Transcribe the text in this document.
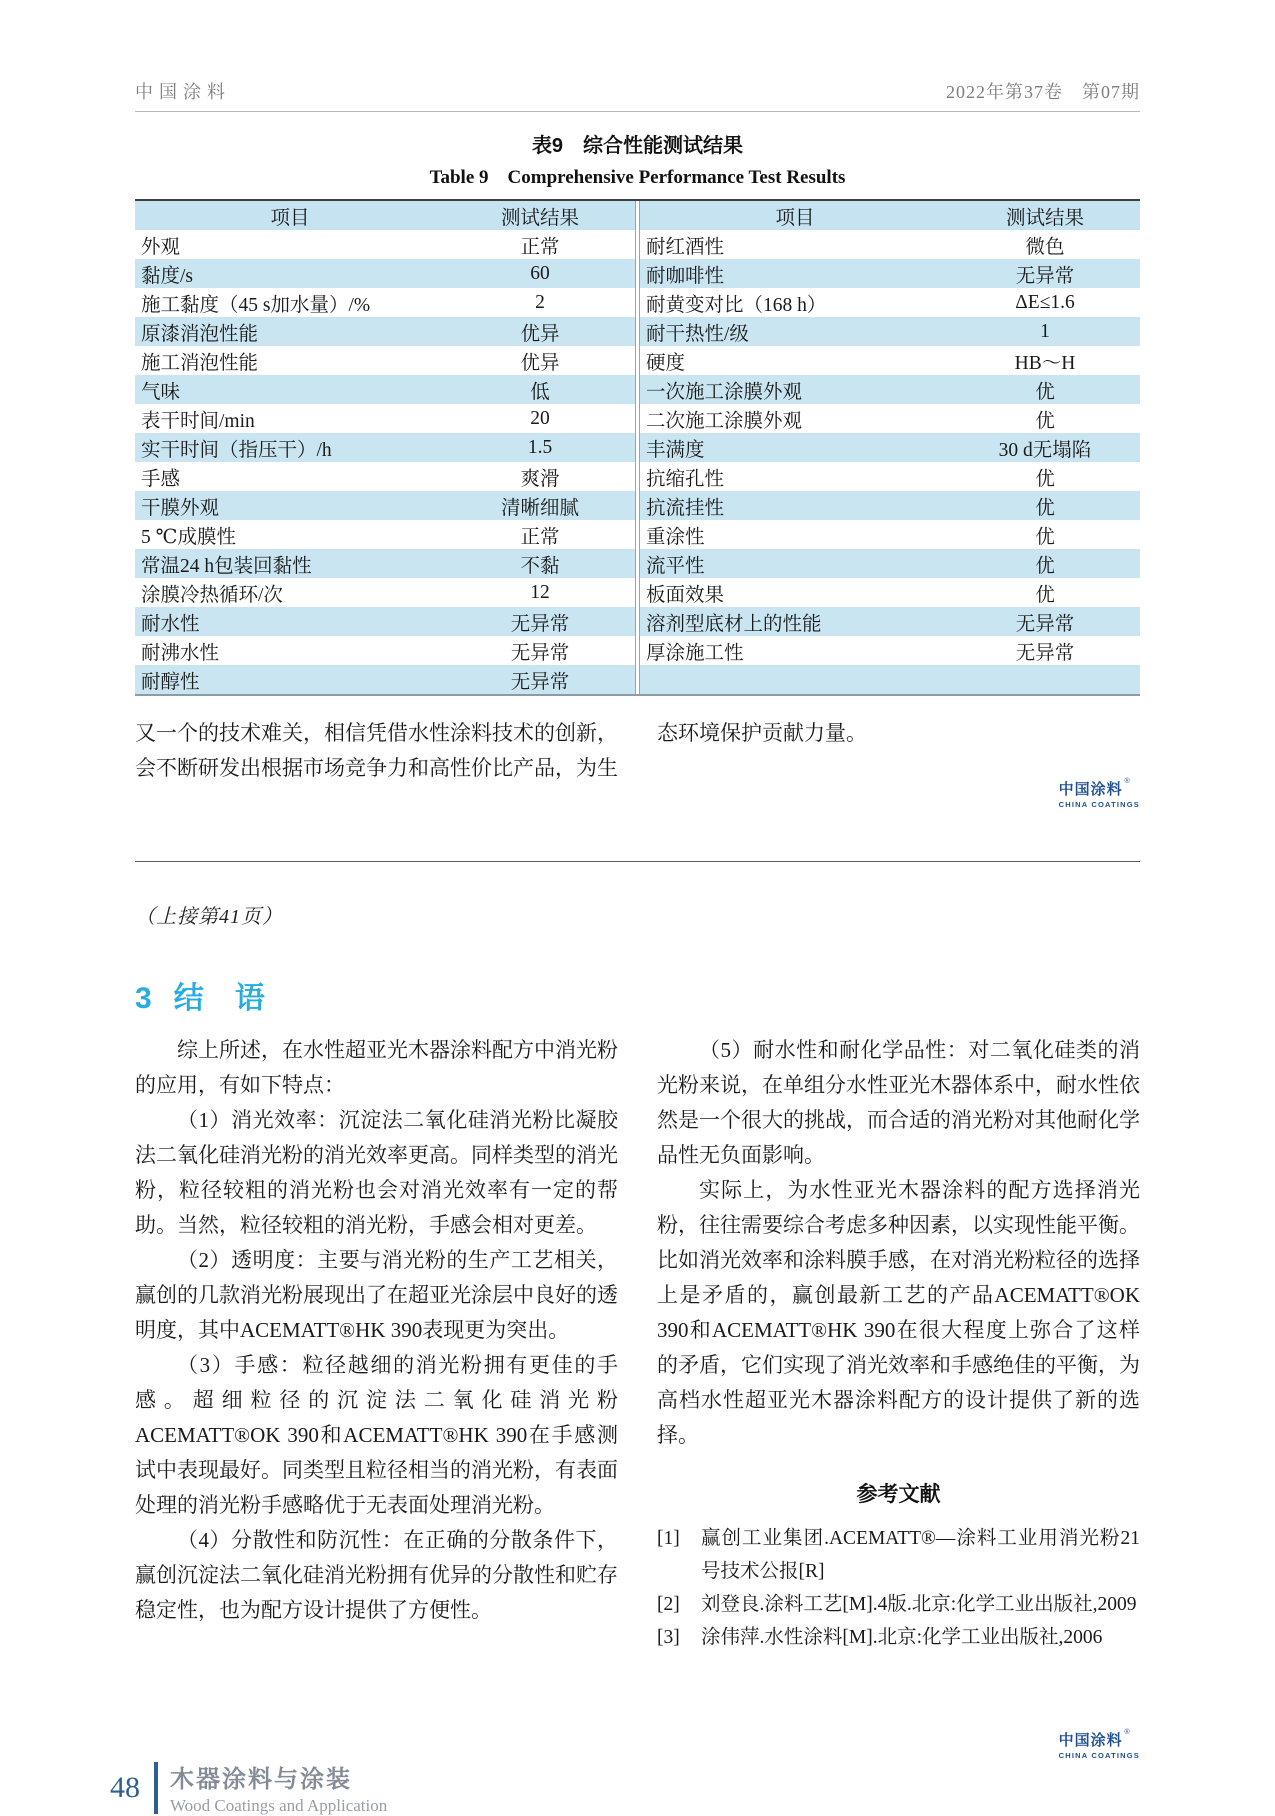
中国涂料	2022年第37卷　第07期
表9　综合性能测试结果
Table 9　Comprehensive Performance Test Results
项目	测试结果
外观	正常
黏度/s	60
施工黏度（45 s加水量）/%	2
原漆消泡性能	优异
施工消泡性能	优异
气味	低
表干时间/min	20
实干时间（指压干）/h	1.5
手感	爽滑
干膜外观	清晰细腻
5 ℃成膜性	正常
常温24 h包装回黏性	不黏
涂膜冷热循环/次	12
耐水性	无异常
耐沸水性	无异常
耐醇性	无异常
项目	测试结果
耐红酒性	微色
耐咖啡性	无异常
耐黄变对比（168 h）	ΔE≤1.6
耐干热性/级	1
硬度	HB～H
一次施工涂膜外观	优
二次施工涂膜外观	优
丰满度	30 d无塌陷
抗缩孔性	优
抗流挂性	优
重涂性	优
流平性	优
板面效果	优
溶剂型底材上的性能	无异常
厚涂施工性	无异常

又一个的技术难关，相信凭借水性涂料技术的创新，会不断研发出根据市场竞争力和高性价比产品，为生
态环境保护贡献力量。
中国涂料 ®
CHINA COATINGS
（上接第41页）
3 结　语

综上所述，在水性超亚光木器涂料配方中消光粉的应用，有如下特点：

（1）消光效率：沉淀法二氧化硅消光粉比凝胶法二氧化硅消光粉的消光效率更高。同样类型的消光粉，粒径较粗的消光粉也会对消光效率有一定的帮助。当然，粒径较粗的消光粉，手感会相对更差。

（2）透明度：主要与消光粉的生产工艺相关，赢创的几款消光粉展现出了在超亚光涂层中良好的透明度，其中ACEMATT®HK 390表现更为突出。

（3）手感：粒径越细的消光粉拥有更佳的手感。超细粒径的沉淀法二氧化硅消光粉ACEMATT®OK 390和ACEMATT®HK 390在手感测试中表现最好。同类型且粒径相当的消光粉，有表面处理的消光粉手感略优于无表面处理消光粉。

（4）分散性和防沉性：在正确的分散条件下，赢创沉淀法二氧化硅消光粉拥有优异的分散性和贮存稳定性，也为配方设计提供了方便性。

（5）耐水性和耐化学品性：对二氧化硅类的消光粉来说，在单组分水性亚光木器体系中，耐水性依然是一个很大的挑战，而合适的消光粉对其他耐化学品性无负面影响。

实际上，为水性亚光木器涂料的配方选择消光粉，往往需要综合考虑多种因素，以实现性能平衡。比如消光效率和涂料膜手感，在对消光粉粒径的选择上是矛盾的，赢创最新工艺的产品ACEMATT®OK 390和ACEMATT®HK 390在很大程度上弥合了这样的矛盾，它们实现了消光效率和手感绝佳的平衡，为高档水性超亚光木器涂料配方的设计提供了新的选择。

参考文献
[1]	赢创工业集团.ACEMATT®—涂料工业用消光粉21号技术公报[R]
[2]	刘登良.涂料工艺[M].4版.北京:化学工业出版社,2009
[3]	涂伟萍.水性涂料[M].北京:化学工业出版社,2006
中国涂料 ®
CHINA COATINGS
48 木器涂料与涂装
Wood Coatings and Application
